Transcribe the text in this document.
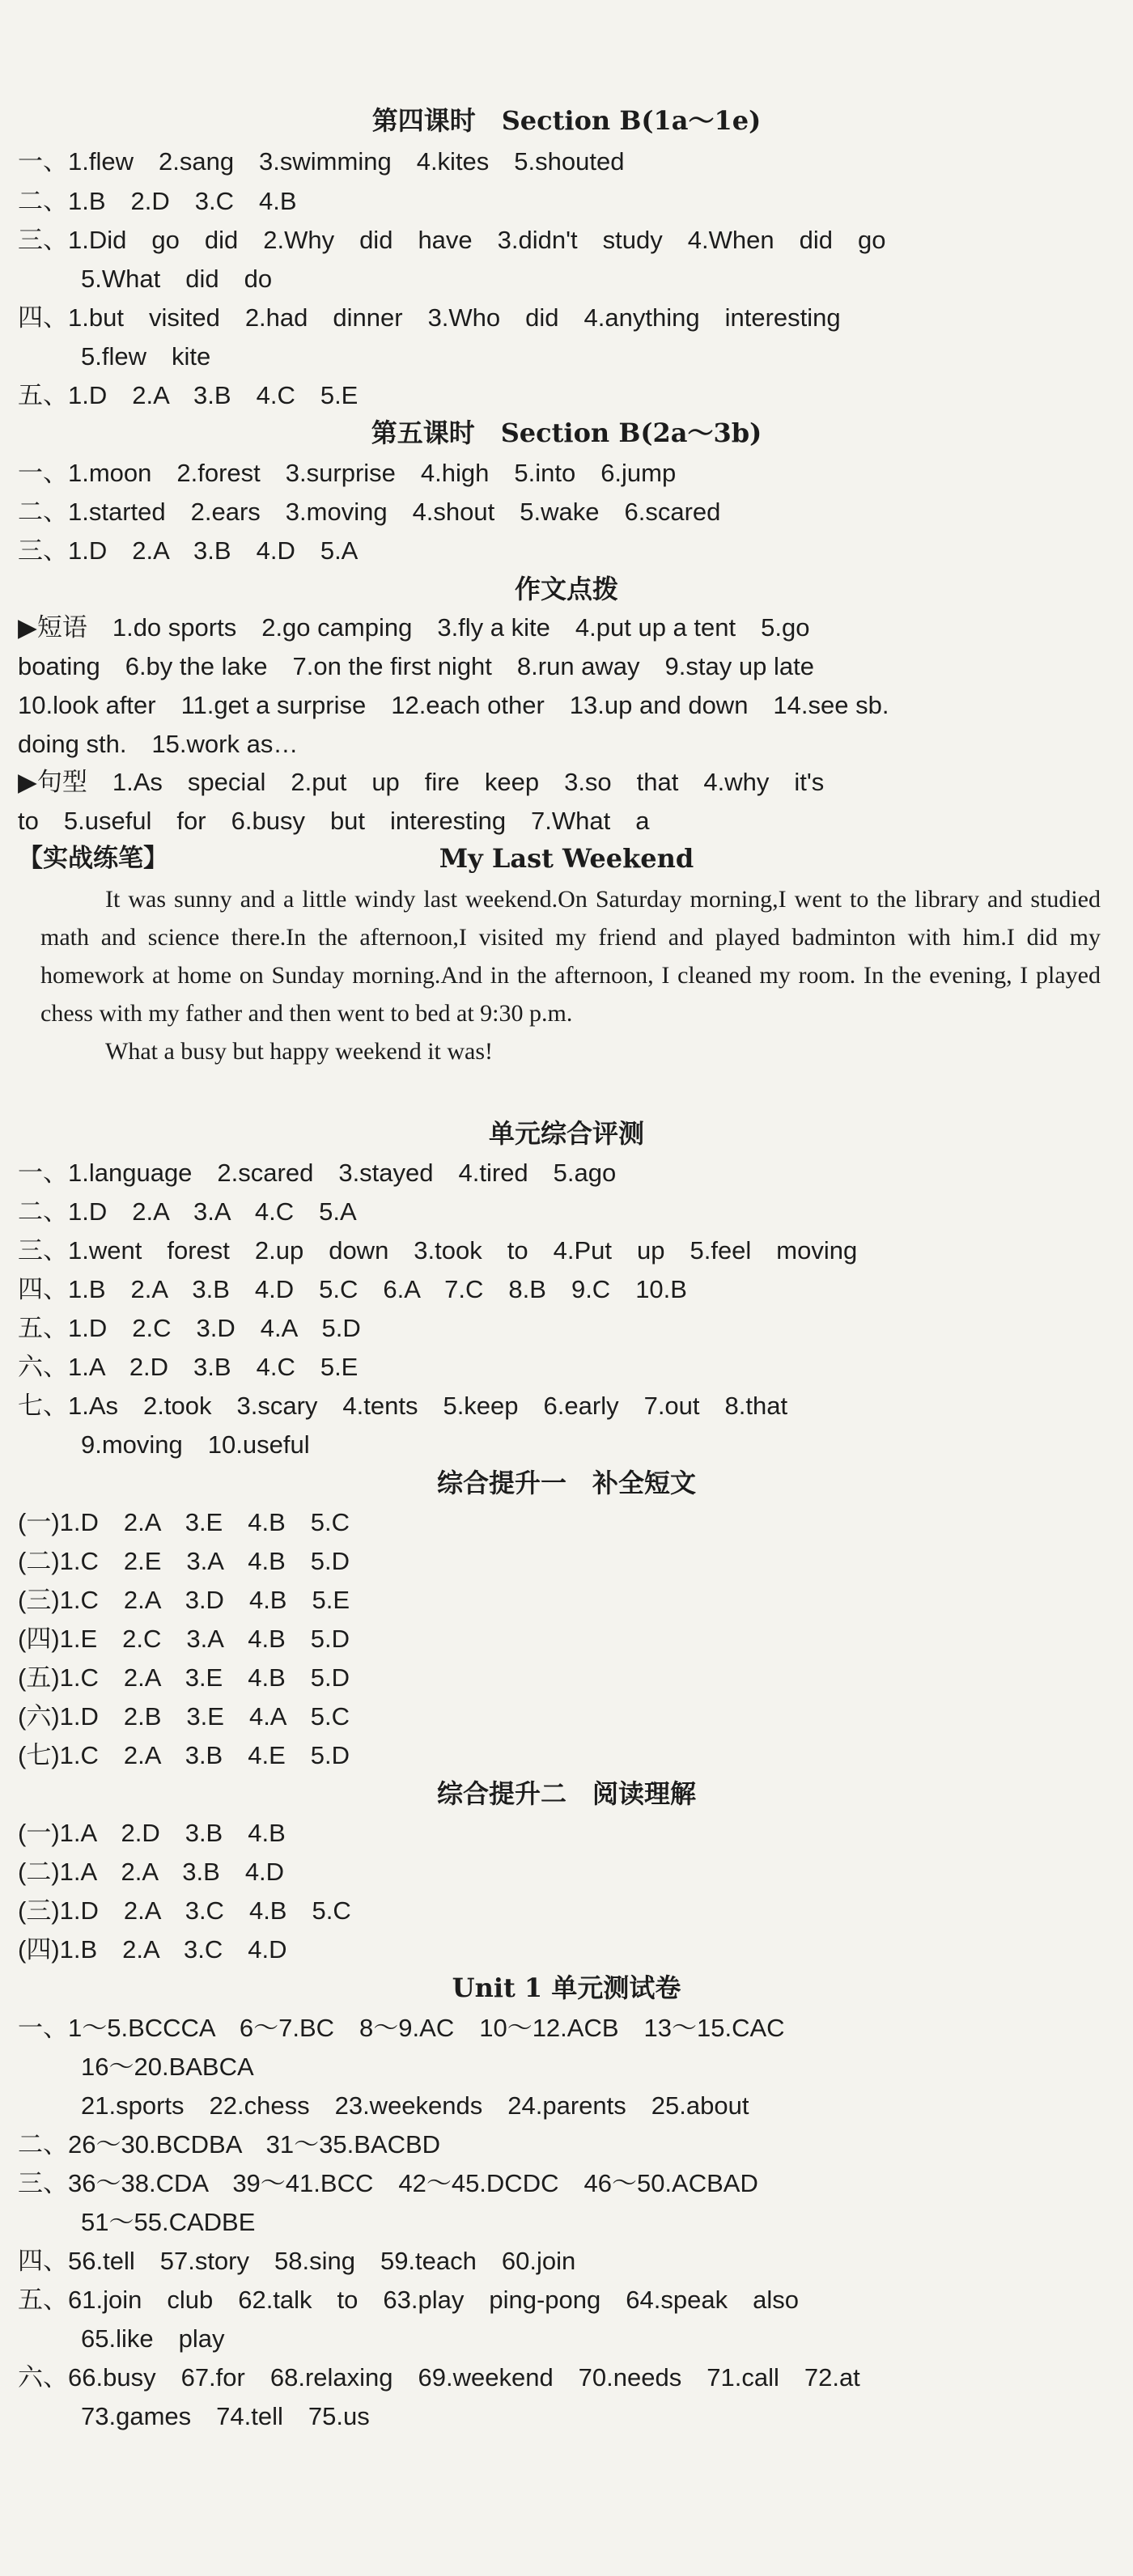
第四课时　Section B(1a～1e)
一、1.flew　2.sang　3.swimming　4.kites　5.shouted
二、1.B　2.D　3.C　4.B
三、1.Did　go　did　2.Why　did　have　3.didn't　study　4.When　did　go
5.What　did　do
四、1.but　visited　2.had　dinner　3.Who　did　4.anything　interesting
5.flew　kite
五、1.D　2.A　3.B　4.C　5.E
第五课时　Section B(2a～3b)
一、1.moon　2.forest　3.surprise　4.high　5.into　6.jump
二、1.started　2.ears　3.moving　4.shout　5.wake　6.scared
三、1.D　2.A　3.B　4.D　5.A
作文点拨
▶短语　1.do sports　2.go camping　3.fly a kite　4.put up a tent　5.go
boating　6.by the lake　7.on the first night　8.run away　9.stay up late
10.look after　11.get a surprise　12.each other　13.up and down　14.see sb.
doing sth.　15.work as…
▶句型　1.As　special　2.put　up　fire　keep　3.so　that　4.why　it's
to　5.useful　for　6.busy　but　interesting　7.What　a
【实战练笔】	My Last Weekend
It was sunny and a little windy last weekend.On Saturday morning,I went to the library and studied math and science there.In the afternoon,I visited my friend and played badminton with him.I did my homework at home on Sunday morning.And in the afternoon, I cleaned my room. In the evening, I played chess with my father and then went to bed at 9:30 p.m.
What a busy but happy weekend it was!
单元综合评测
一、1.language　2.scared　3.stayed　4.tired　5.ago
二、1.D　2.A　3.A　4.C　5.A
三、1.went　forest　2.up　down　3.took　to　4.Put　up　5.feel　moving
四、1.B　2.A　3.B　4.D　5.C　6.A　7.C　8.B　9.C　10.B
五、1.D　2.C　3.D　4.A　5.D
六、1.A　2.D　3.B　4.C　5.E
七、1.As　2.took　3.scary　4.tents　5.keep　6.early　7.out　8.that
9.moving　10.useful
综合提升一　补全短文
(一)1.D　2.A　3.E　4.B　5.C
(二)1.C　2.E　3.A　4.B　5.D
(三)1.C　2.A　3.D　4.B　5.E
(四)1.E　2.C　3.A　4.B　5.D
(五)1.C　2.A　3.E　4.B　5.D
(六)1.D　2.B　3.E　4.A　5.C
(七)1.C　2.A　3.B　4.E　5.D
综合提升二　阅读理解
(一)1.A　2.D　3.B　4.B
(二)1.A　2.A　3.B　4.D
(三)1.D　2.A　3.C　4.B　5.C
(四)1.B　2.A　3.C　4.D
Unit 1 单元测试卷
一、1～5.BCCCA　6～7.BC　8～9.AC　10～12.ACB　13～15.CAC
16～20.BABCA
21.sports　22.chess　23.weekends　24.parents　25.about
二、26～30.BCDBA　31～35.BACBD
三、36～38.CDA　39～41.BCC　42～45.DCDC　46～50.ACBAD
51～55.CADBE
四、56.tell　57.story　58.sing　59.teach　60.join
五、61.join　club　62.talk　to　63.play　ping-pong　64.speak　also
65.like　play
六、66.busy　67.for　68.relaxing　69.weekend　70.needs　71.call　72.at
73.games　74.tell　75.us
